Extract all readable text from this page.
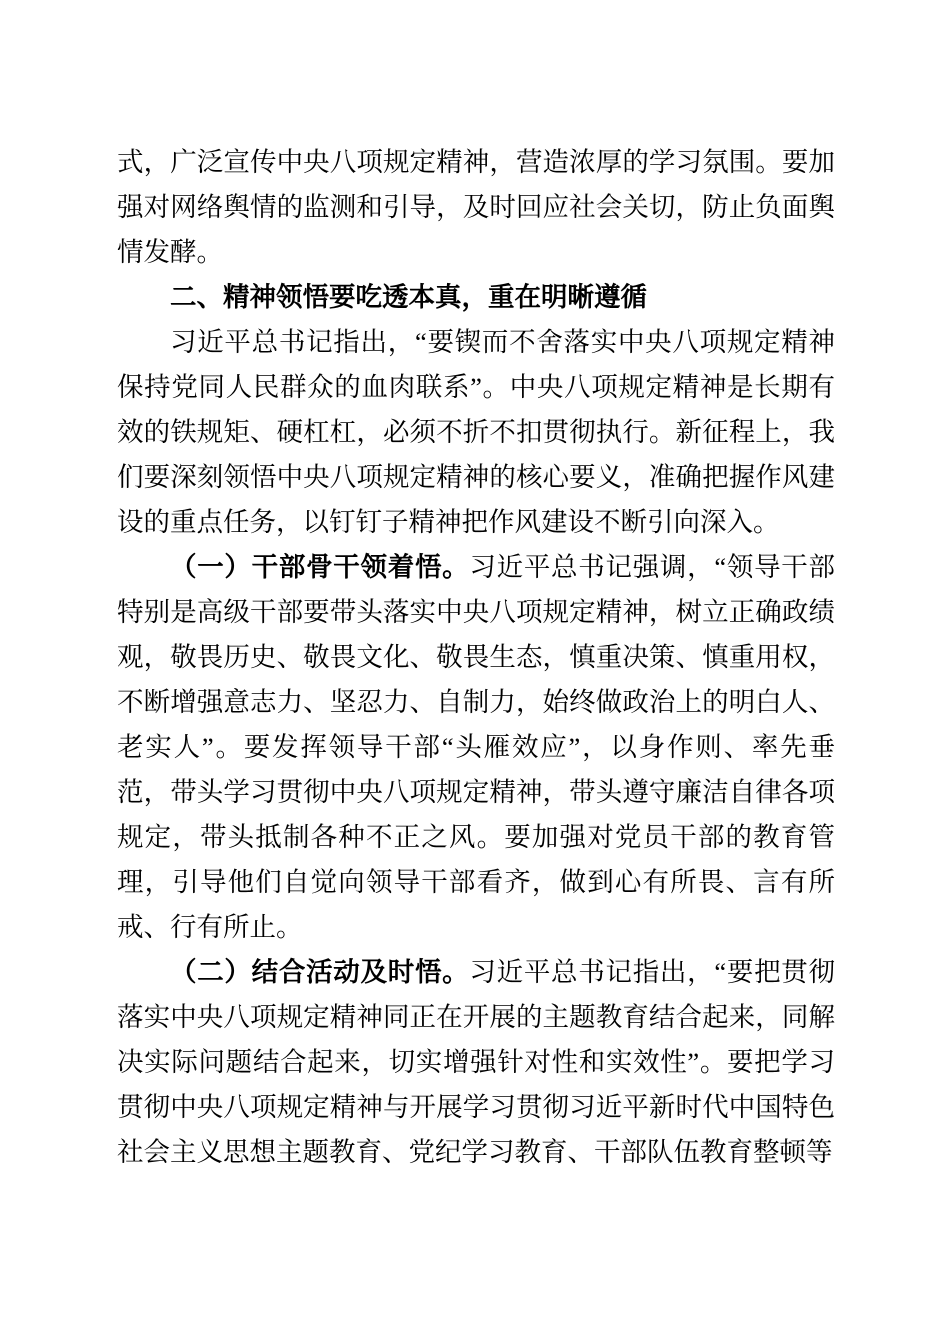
式，广泛宣传中央八项规定精神，营造浓厚的学习氛围。要加强对网络舆情的监测和引导，及时回应社会关切，防止负面舆情发酵。

二、精神领悟要吃透本真，重在明晰遵循

习近平总书记指出，“要锲而不舍落实中央八项规定精神保持党同人民群众的血肉联系”。中央八项规定精神是长期有效的铁规矩、硬杠杠，必须不折不扣贯彻执行。新征程上，我们要深刻领悟中央八项规定精神的核心要义，准确把握作风建设的重点任务，以钉钉子精神把作风建设不断引向深入。

（一）干部骨干领着悟。习近平总书记强调，“领导干部特别是高级干部要带头落实中央八项规定精神，树立正确政绩观，敬畏历史、敬畏文化、敬畏生态，慎重决策、慎重用权，不断增强意志力、坚忍力、自制力，始终做政治上的明白人、老实人”。要发挥领导干部“头雁效应”，以身作则、率先垂范，带头学习贯彻中央八项规定精神，带头遵守廉洁自律各项规定，带头抵制各种不正之风。要加强对党员干部的教育管理，引导他们自觉向领导干部看齐，做到心有所畏、言有所戒、行有所止。

（二）结合活动及时悟。习近平总书记指出，“要把贯彻落实中央八项规定精神同正在开展的主题教育结合起来，同解决实际问题结合起来，切实增强针对性和实效性”。要把学习贯彻中央八项规定精神与开展学习贯彻习近平新时代中国特色社会主义思想主题教育、党纪学习教育、干部队伍教育整顿等
